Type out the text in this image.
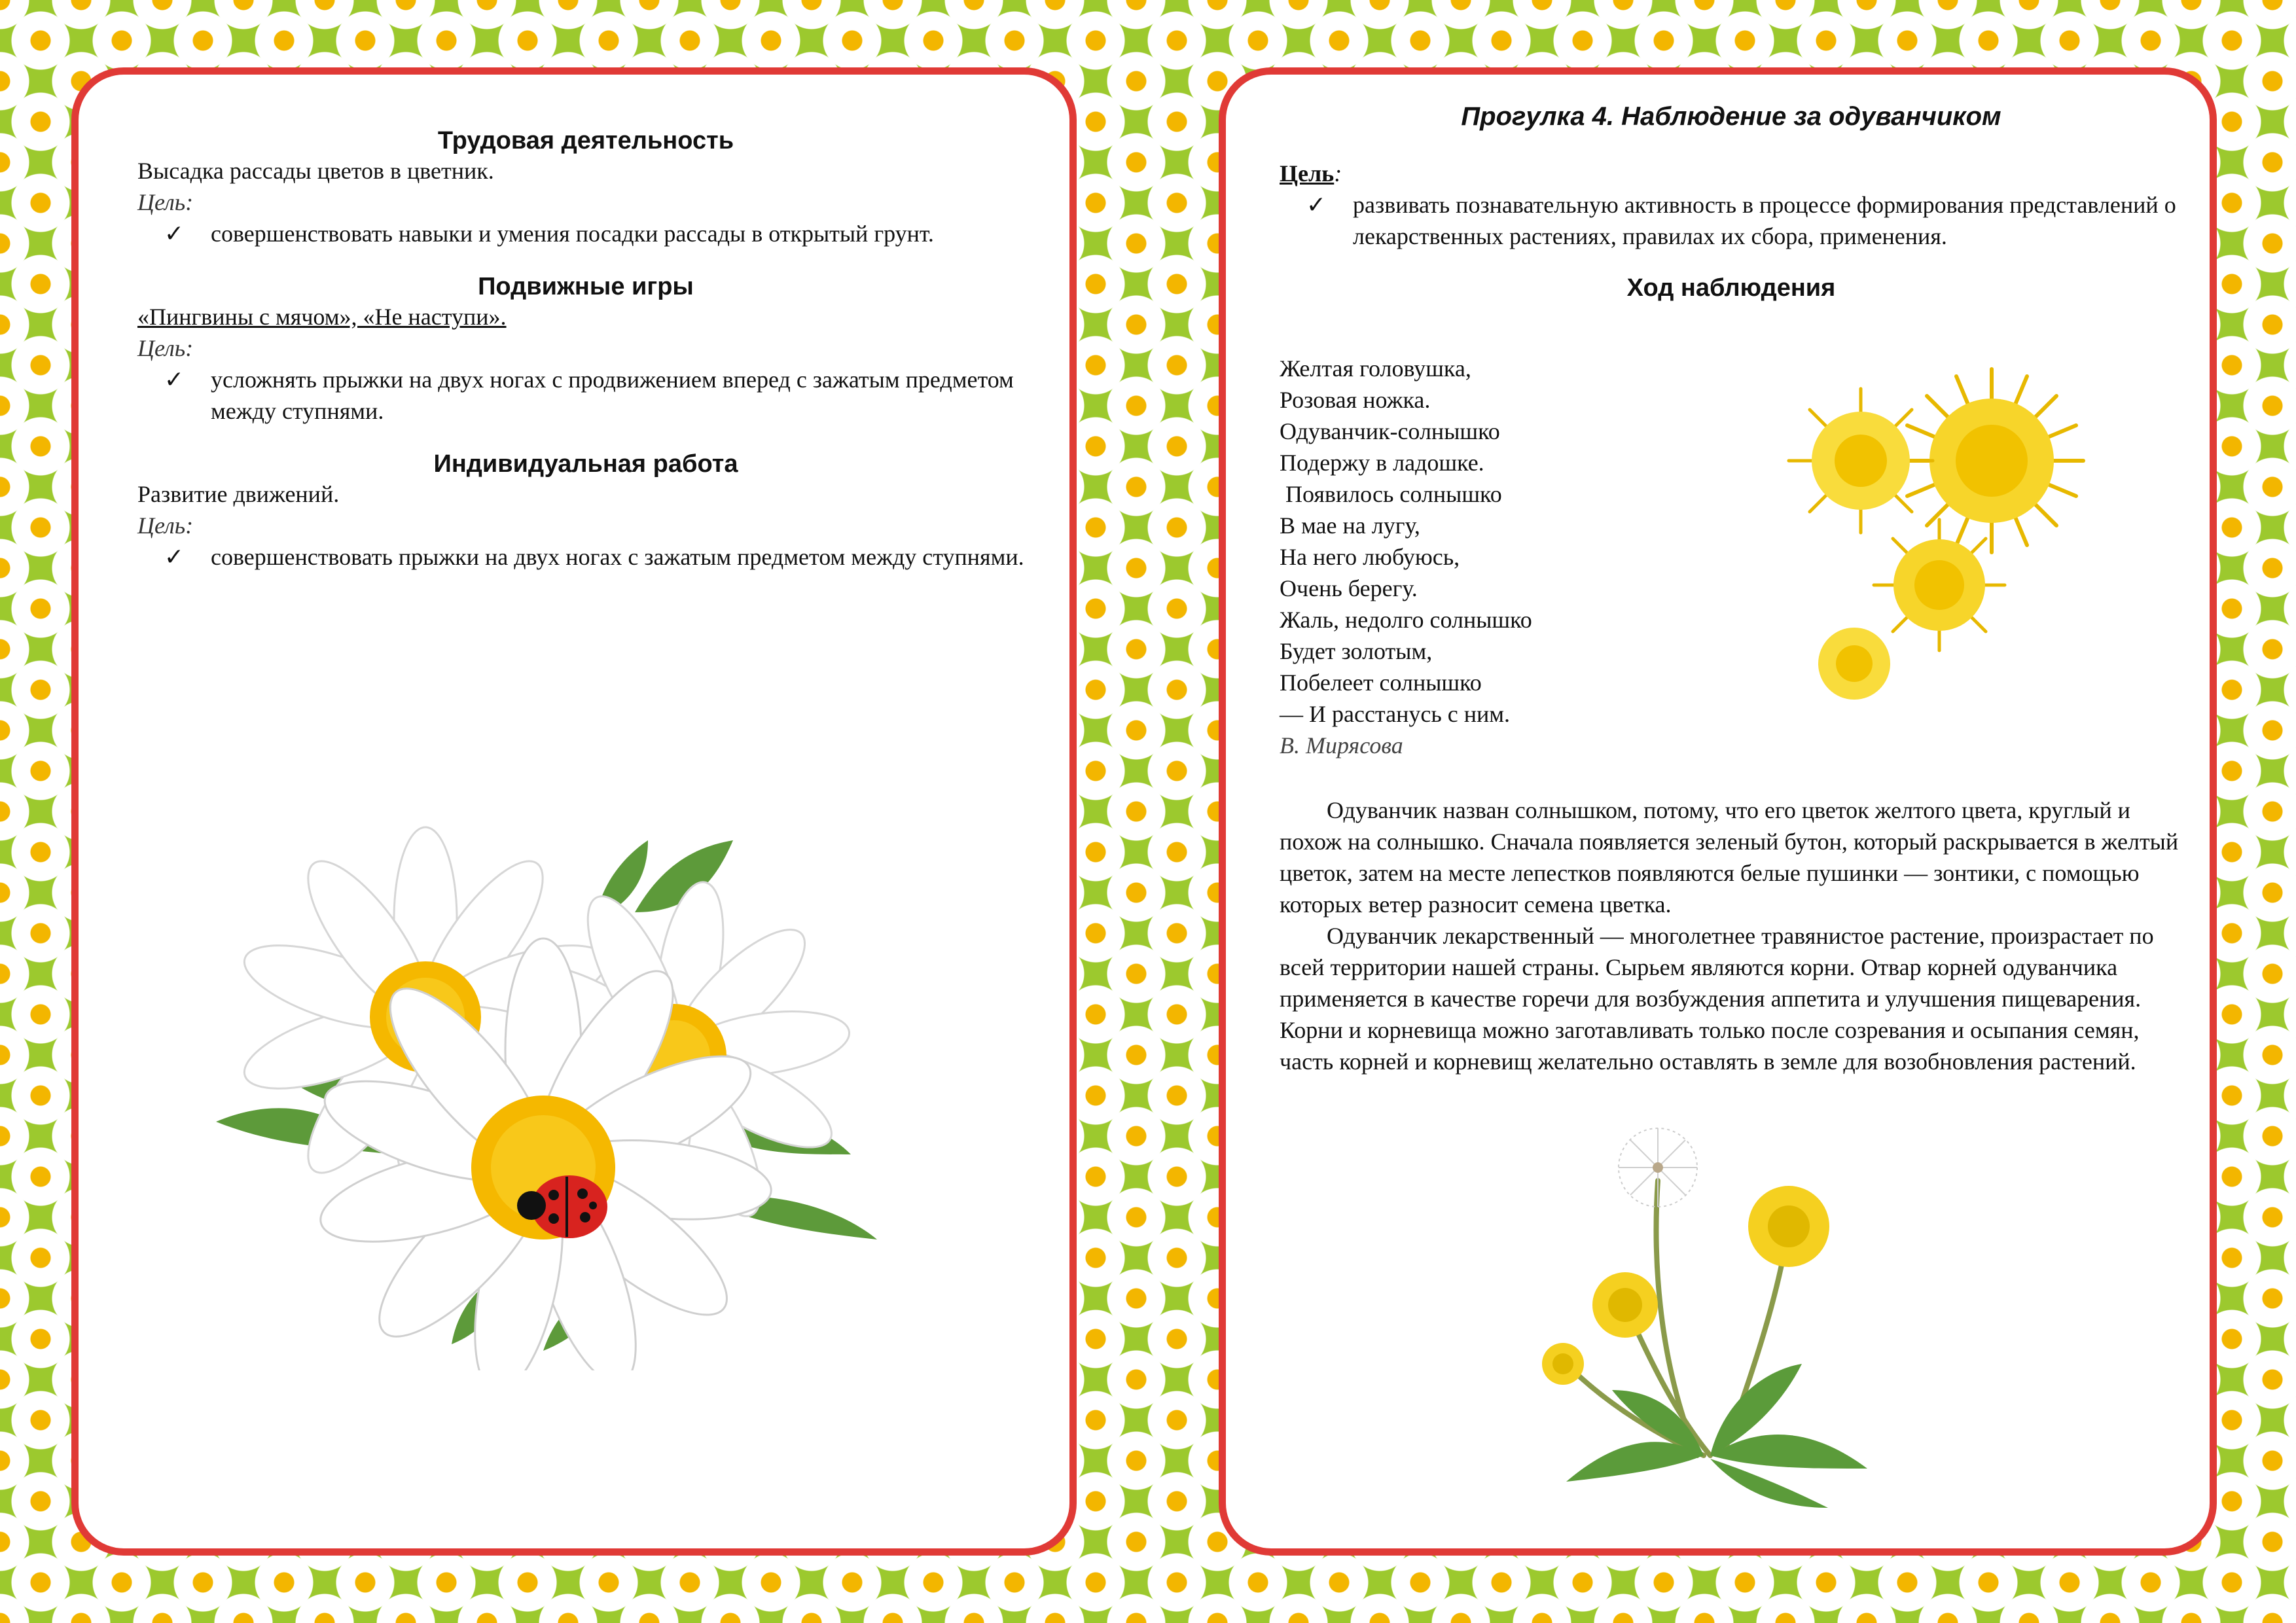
Трудовая деятельность

Высадка рассады цветов в цветник.

Цель:

✓	совершенствовать навыки и умения посадки рассады в открытый грунт.

Подвижные игры

«Пингвины с мячом», «Не наступи».

Цель:

✓	усложнять прыжки на двух ногах с продвижением вперед с зажатым предметом между ступнями.

Индивидуальная работа

Развитие движений.

Цель:

✓	совершенствовать прыжки на двух ногах с зажатым предметом между ступнями.

Прогулка 4. Наблюдение за одуванчиком

Цель:

✓	развивать познавательную активность в процессе формирования представлений о лекарственных растениях, правилах их сбора, применения.

Ход наблюдения

Желтая головушка,

Розовая ножка.

Одуванчик-солнышко

Подержу в ладошке.

Появилось солнышко

В мае на лугу,

На него любуюсь,

Очень берегу.

Жаль, недолго солнышко

Будет золотым,

Побелеет солнышко

— И расстанусь с ним.

В. Мирясова

Одуванчик назван солнышком, потому, что его цветок желтого цвета, круглый и похож на солнышко. Сначала появляется зеленый бутон, который раскрывается в желтый цветок, затем на месте лепестков появляются белые пушинки — зонтики, с помощью которых ветер разносит семена цветка.

Одуванчик лекарственный — многолетнее травянистое растение, произрастает по всей территории нашей страны. Сырьем являются корни. Отвар корней одуванчика применяется в качестве горечи для возбуждения аппетита и улучшения пищеварения. Корни и корневища можно заготавливать только после созревания и осыпания семян, часть корней и корневищ желательно оставлять в земле для возобновления растений.
